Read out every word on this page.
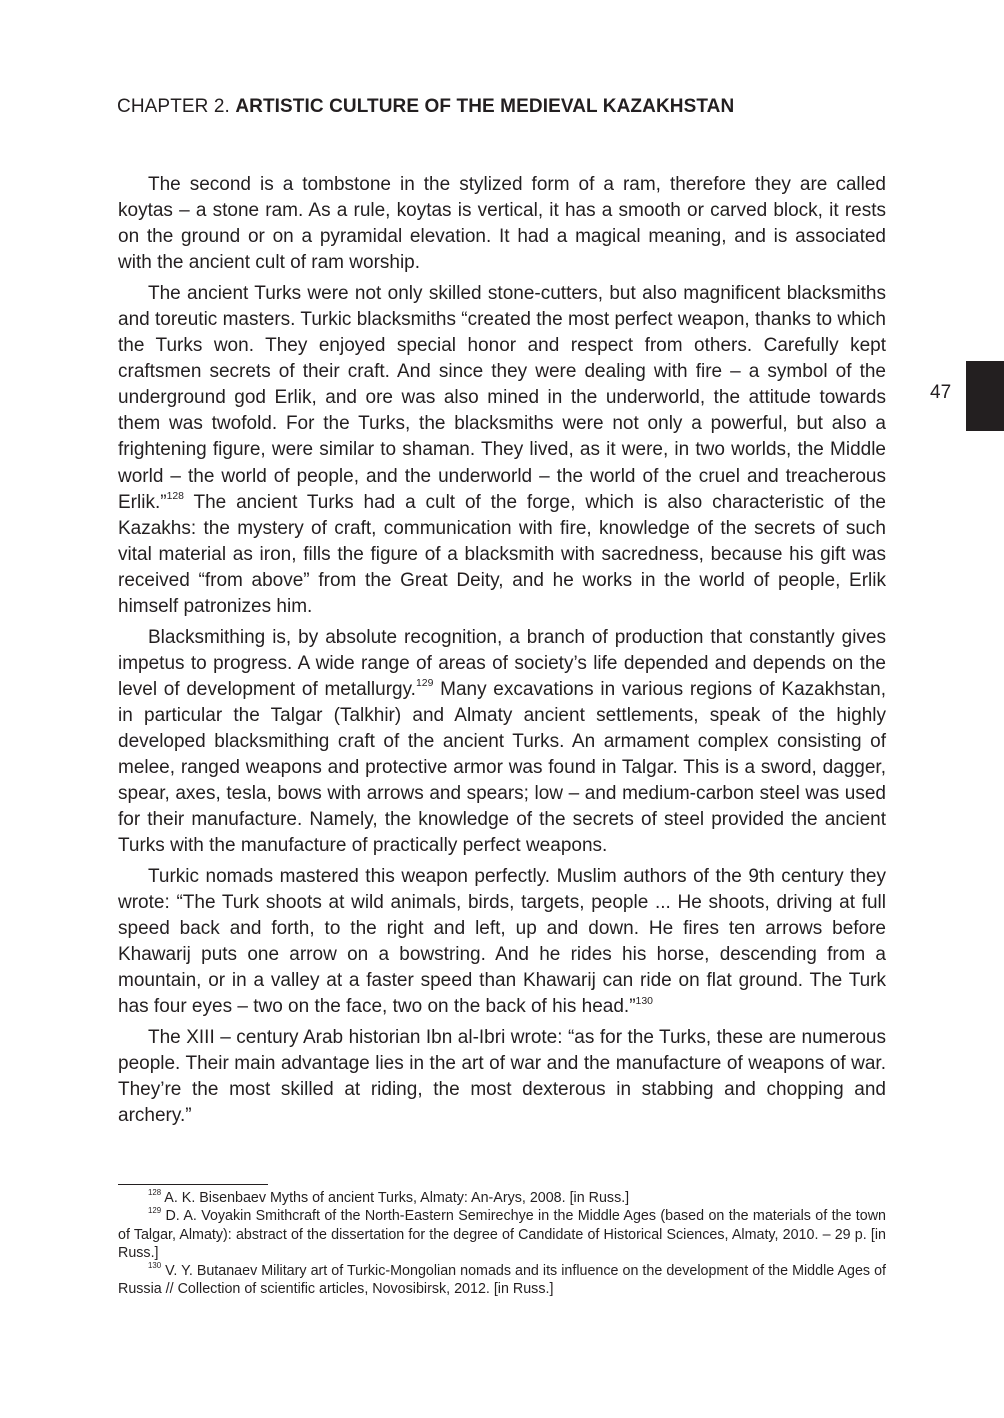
CHAPTER 2. ARTISTIC CULTURE OF THE MEDIEVAL KAZAKHSTAN
47

The second is a tombstone in the stylized form of a ram, therefore they are called koytas – a stone ram. As a rule, koytas is vertical, it has a smooth or carved block, it rests on the ground or on a pyramidal elevation. It had a magical meaning, and is associated with the ancient cult of ram worship.

The ancient Turks were not only skilled stone-cutters, but also magnificent blacksmiths and toreutic masters. Turkic blacksmiths “created the most perfect weapon, thanks to which the Turks won. They enjoyed special honor and respect from others. Carefully kept craftsmen secrets of their craft. And since they were dealing with fire – a symbol of the underground god Erlik, and ore was also mined in the underworld, the attitude towards them was twofold. For the Turks, the blacksmiths were not only a powerful, but also a frightening figure, were similar to shaman. They lived, as it were, in two worlds, the Middle world – the world of people, and the underworld – the world of the cruel and treacherous Erlik.”$^{128}$ The ancient Turks had a cult of the forge, which is also characteristic of the Kazakhs: the mystery of craft, communication with fire, knowledge of the secrets of such vital material as iron, fills the figure of a blacksmith with sacredness, because his gift was received “from above” from the Great Deity, and he works in the world of people, Erlik himself patronizes him.

Blacksmithing is, by absolute recognition, a branch of production that constantly gives impetus to progress. A wide range of areas of society’s life depended and depends on the level of development of metallurgy.$^{129}$ Many excavations in various regions of Kazakhstan, in particular the Talgar (Talkhir) and Almaty ancient settlements, speak of the highly developed blacksmithing craft of the ancient Turks. An armament complex consisting of melee, ranged weapons and protective armor was found in Talgar. This is a sword, dagger, spear, axes, tesla, bows with arrows and spears; low – and medium-carbon steel was used for their manufacture. Namely, the knowledge of the secrets of steel provided the ancient Turks with the manufacture of practically perfect weapons.

Turkic nomads mastered this weapon perfectly. Muslim authors of the 9th century they wrote: “The Turk shoots at wild animals, birds, targets, people ... He shoots, driving at full speed back and forth, to the right and left, up and down. He fires ten arrows before Khawarij puts one arrow on a bowstring. And he rides his horse, descending from a mountain, or in a valley at a faster speed than Khawarij can ride on flat ground. The Turk has four eyes – two on the face, two on the back of his head.”$^{130}$

The XIII – century Arab historian Ibn al-Ibri wrote: “as for the Turks, these are numerous people. Their main advantage lies in the art of war and the manufacture of weapons of war. They’re the most skilled at riding, the most dexterous in stabbing and chopping and archery.”

$^{128}$ A. K. Bisenbaev Myths of ancient Turks, Almaty: An-Arys, 2008. [in Russ.]

$^{129}$ D. A. Voyakin Smithcraft of the North-Eastern Semirechye in the Middle Ages (based on the materials of the town of Talgar, Almaty): abstract of the dissertation for the degree of Candidate of Historical Sciences, Almaty, 2010. – 29 p. [in Russ.]

$^{130}$ V. Y. Butanaev Military art of Turkic-Mongolian nomads and its influence on the development of the Middle Ages of Russia // Collection of scientific articles, Novosibirsk, 2012. [in Russ.]
